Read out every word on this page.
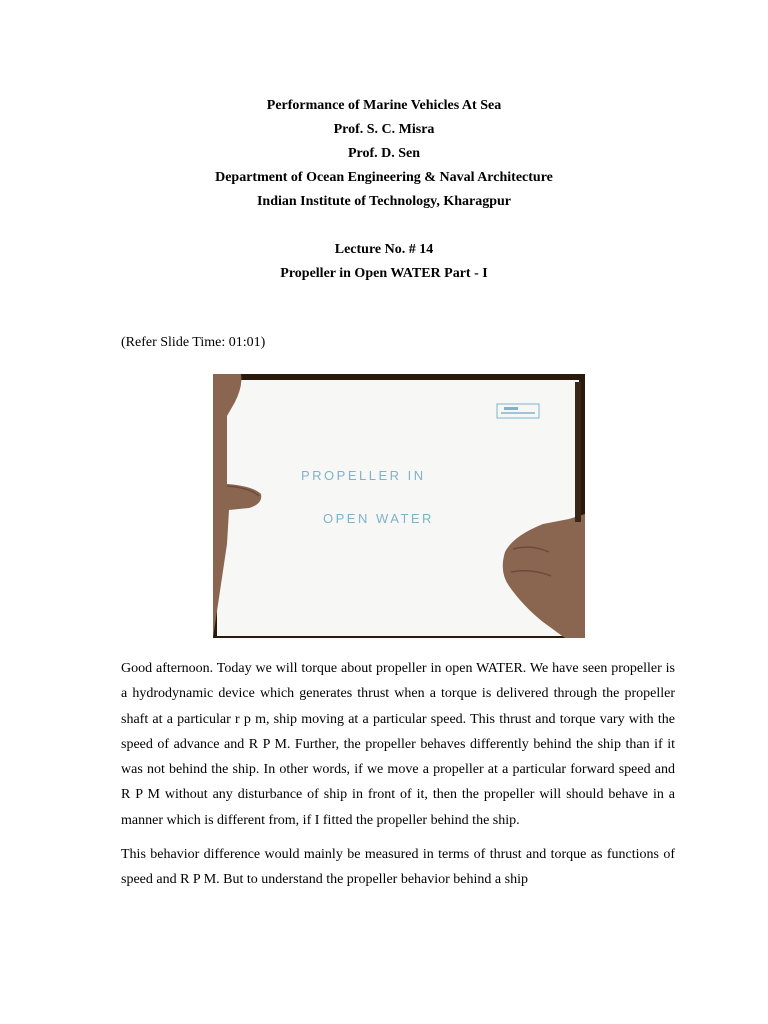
Performance of Marine Vehicles At Sea
Prof. S. C. Misra
Prof. D. Sen
Department of Ocean Engineering & Naval Architecture
Indian Institute of Technology, Kharagpur
Lecture No. # 14
Propeller in Open WATER Part - I
(Refer Slide Time: 01:01)
PROPELLER IN
OPEN WATER

Good afternoon. Today we will torque about propeller in open WATER. We have seen propeller is a hydrodynamic device which generates thrust when a torque is delivered through the propeller shaft at a particular r p m, ship moving at a particular speed. This thrust and torque vary with the speed of advance and R P M. Further, the propeller behaves differently behind the ship than if it was not behind the ship. In other words, if we move a propeller at a particular forward speed and R P M without any disturbance of ship in front of it, then the propeller will should behave in a manner which is different from, if I fitted the propeller behind the ship.

This behavior difference would mainly be measured in terms of thrust and torque as functions of speed and R P M. But to understand the propeller behavior behind a ship
